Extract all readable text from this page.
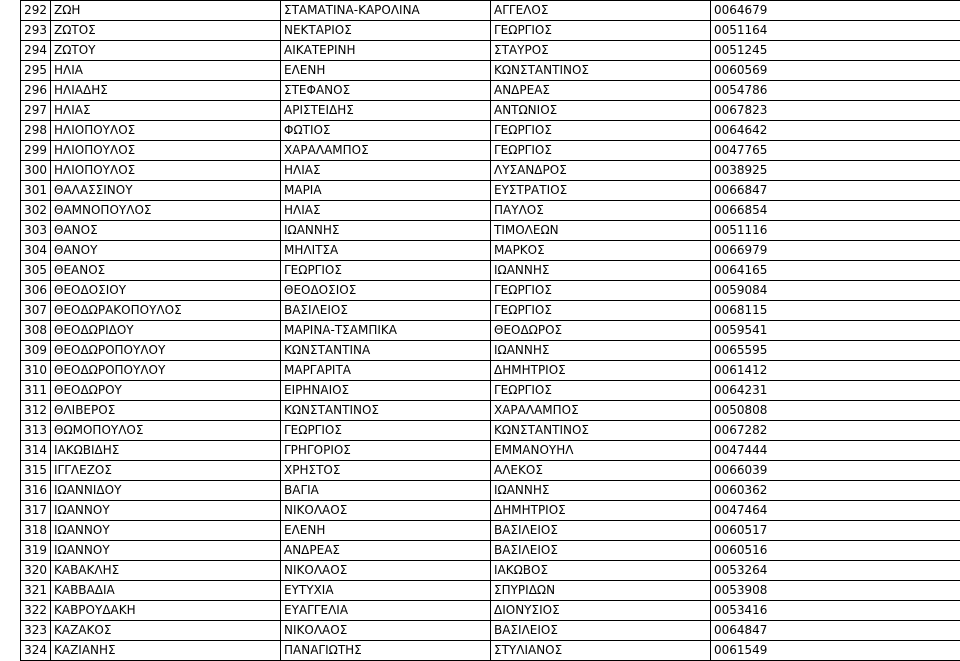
292	ΖΩΗ	ΣΤΑΜΑΤΙΝΑ-ΚΑΡΟΛΙΝΑ	ΑΓΓΕΛΟΣ	0064679
293	ΖΩΤΟΣ	ΝΕΚΤΑΡΙΟΣ	ΓΕΩΡΓΙΟΣ	0051164
294	ΖΩΤΟΥ	ΑΙΚΑΤΕΡΙΝΗ	ΣΤΑΥΡΟΣ	0051245
295	ΗΛΙΑ	ΕΛΕΝΗ	ΚΩΝΣΤΑΝΤΙΝΟΣ	0060569
296	ΗΛΙΑΔΗΣ	ΣΤΕΦΑΝΟΣ	ΑΝΔΡΕΑΣ	0054786
297	ΗΛΙΑΣ	ΑΡΙΣΤΕΙΔΗΣ	ΑΝΤΩΝΙΟΣ	0067823
298	ΗΛΙΟΠΟΥΛΟΣ	ΦΩΤΙΟΣ	ΓΕΩΡΓΙΟΣ	0064642
299	ΗΛΙΟΠΟΥΛΟΣ	ΧΑΡΑΛΑΜΠΟΣ	ΓΕΩΡΓΙΟΣ	0047765
300	ΗΛΙΟΠΟΥΛΟΣ	ΗΛΙΑΣ	ΛΥΣΑΝΔΡΟΣ	0038925
301	ΘΑΛΑΣΣΙΝΟΥ	ΜΑΡΙΑ	ΕΥΣΤΡΑΤΙΟΣ	0066847
302	ΘΑΜΝΟΠΟΥΛΟΣ	ΗΛΙΑΣ	ΠΑΥΛΟΣ	0066854
303	ΘΑΝΟΣ	ΙΩΑΝΝΗΣ	ΤΙΜΟΛΕΩΝ	0051116
304	ΘΑΝΟΥ	ΜΗΛΙΤΣΑ	ΜΑΡΚΟΣ	0066979
305	ΘΕΑΝΟΣ	ΓΕΩΡΓΙΟΣ	ΙΩΑΝΝΗΣ	0064165
306	ΘΕΟΔΟΣΙΟΥ	ΘΕΟΔΟΣΙΟΣ	ΓΕΩΡΓΙΟΣ	0059084
307	ΘΕΟΔΩΡΑΚΟΠΟΥΛΟΣ	ΒΑΣΙΛΕΙΟΣ	ΓΕΩΡΓΙΟΣ	0068115
308	ΘΕΟΔΩΡΙΔΟΥ	ΜΑΡΙΝΑ-ΤΣΑΜΠΙΚΑ	ΘΕΟΔΩΡΟΣ	0059541
309	ΘΕΟΔΩΡΟΠΟΥΛΟΥ	ΚΩΝΣΤΑΝΤΙΝΑ	ΙΩΑΝΝΗΣ	0065595
310	ΘΕΟΔΩΡΟΠΟΥΛΟΥ	ΜΑΡΓΑΡΙΤΑ	ΔΗΜΗΤΡΙΟΣ	0061412
311	ΘΕΟΔΩΡΟΥ	ΕΙΡΗΝΑΙΟΣ	ΓΕΩΡΓΙΟΣ	0064231
312	ΘΛΙΒΕΡΟΣ	ΚΩΝΣΤΑΝΤΙΝΟΣ	ΧΑΡΑΛΑΜΠΟΣ	0050808
313	ΘΩΜΟΠΟΥΛΟΣ	ΓΕΩΡΓΙΟΣ	ΚΩΝΣΤΑΝΤΙΝΟΣ	0067282
314	ΙΑΚΩΒΙΔΗΣ	ΓΡΗΓΟΡΙΟΣ	ΕΜΜΑΝΟΥΗΛ	0047444
315	ΙΓΓΛΕΖΟΣ	ΧΡΗΣΤΟΣ	ΑΛΕΚΟΣ	0066039
316	ΙΩΑΝΝΙΔΟΥ	ΒΑΓΙΑ	ΙΩΑΝΝΗΣ	0060362
317	ΙΩΑΝΝΟΥ	ΝΙΚΟΛΑΟΣ	ΔΗΜΗΤΡΙΟΣ	0047464
318	ΙΩΑΝΝΟΥ	ΕΛΕΝΗ	ΒΑΣΙΛΕΙΟΣ	0060517
319	ΙΩΑΝΝΟΥ	ΑΝΔΡΕΑΣ	ΒΑΣΙΛΕΙΟΣ	0060516
320	ΚΑΒΑΚΛΗΣ	ΝΙΚΟΛΑΟΣ	ΙΑΚΩΒΟΣ	0053264
321	ΚΑΒΒΑΔΙΑ	ΕΥΤΥΧΙΑ	ΣΠΥΡΙΔΩΝ	0053908
322	ΚΑΒΡΟΥΔΑΚΗ	ΕΥΑΓΓΕΛΙΑ	ΔΙΟΝΥΣΙΟΣ	0053416
323	ΚΑΖΑΚΟΣ	ΝΙΚΟΛΑΟΣ	ΒΑΣΙΛΕΙΟΣ	0064847
324	ΚΑΖΙΑΝΗΣ	ΠΑΝΑΓΙΩΤΗΣ	ΣΤΥΛΙΑΝΟΣ	0061549
